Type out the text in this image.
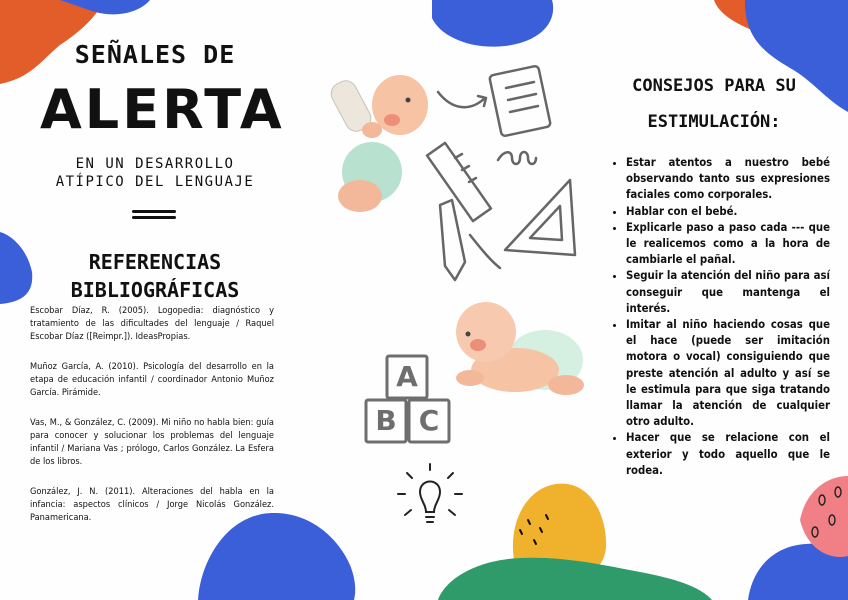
A
B C
SEÑALES DE
ALERTA
EN UN DESARROLLO
ATÍPICO DEL LENGUAJE
REFERENCIAS
BIBLIOGRÁFICAS

Escobar Díaz, R. (2005). Logopedia: diagnóstico y tratamiento de las dificultades del lenguaje / Raquel Escobar Díaz ([Reimpr.]). IdeasPropias.

Muñoz García, A. (2010). Psicología del desarrollo en la etapa de educación infantil / coordinador Antonio Muñoz García. Pirámide.

Vas, M., & González, C. (2009). Mi niño no habla bien: guía para conocer y solucionar los problemas del lenguaje infantil / Mariana Vas ; prólogo, Carlos González. La Esfera de los libros.

González, J. N. (2011). Alteraciones del habla en la infancia: aspectos clínicos / Jorge Nicolás González. Panamericana.

CONSEJOS PARA SU
ESTIMULACIÓN:
• Estar atentos a nuestro bebé observando tanto sus expresiones faciales como corporales.
• Hablar con el bebé.
• Explicarle paso a paso cada --- que le realicemos como a la hora de cambiarle el pañal.
• Seguir la atención del niño para así conseguir que mantenga el interés.
• Imitar al niño haciendo cosas que el hace (puede ser imitación motora o vocal) consiguiendo que preste atención al adulto y así se le estimula para que siga tratando llamar la atención de cualquier otro adulto.
• Hacer que se relacione con el exterior y todo aquello que le rodea.
